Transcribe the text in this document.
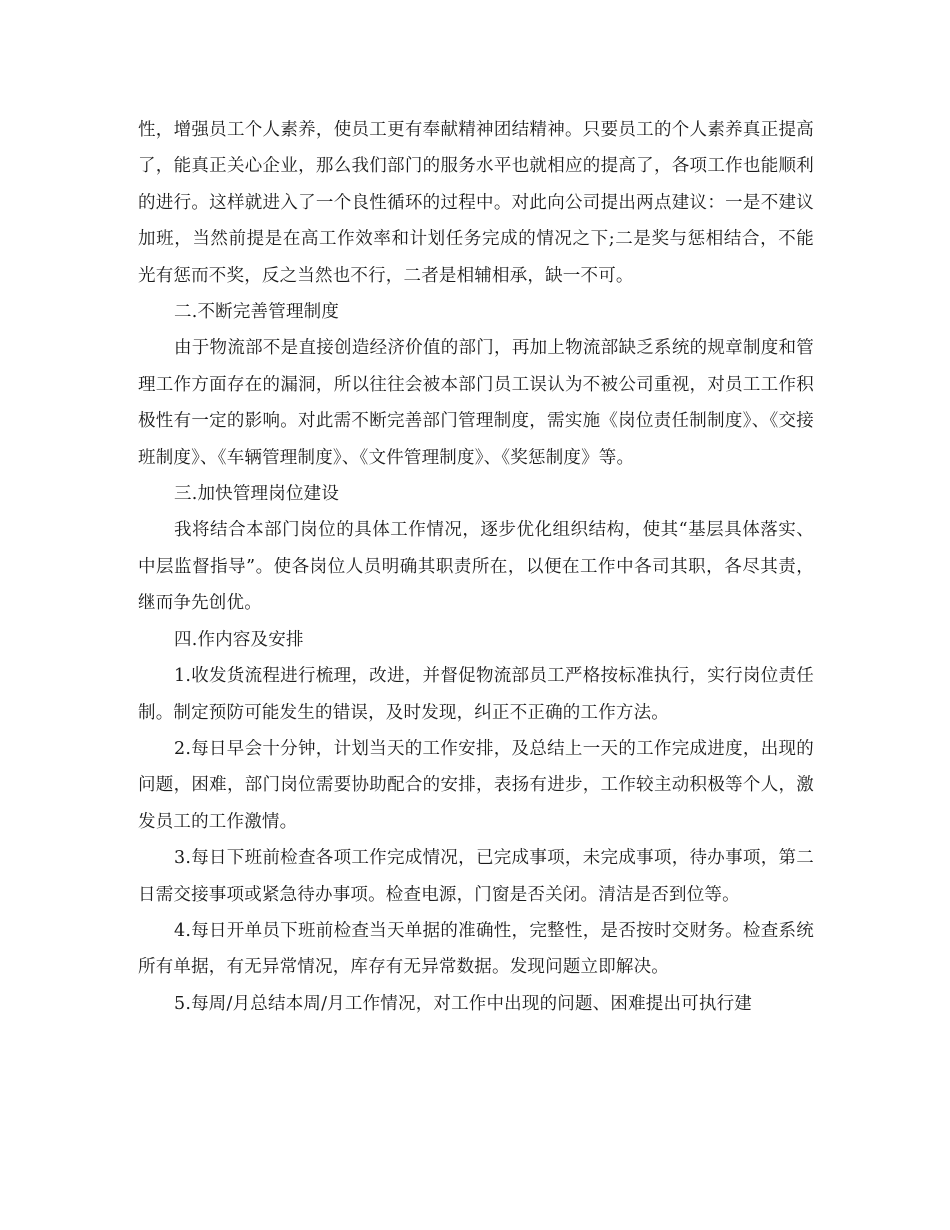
性，增强员工个人素养，使员工更有奉献精神团结精神。只要员工的个人素养真正提高了，能真正关心企业，那么我们部门的服务水平也就相应的提高了，各项工作也能顺利的进行。这样就进入了一个良性循环的过程中。对此向公司提出两点建议：一是不建议加班，当然前提是在高工作效率和计划任务完成的情况之下;二是奖与惩相结合，不能光有惩而不奖，反之当然也不行，二者是相辅相承，缺一不可。

二.不断完善管理制度

由于物流部不是直接创造经济价值的部门，再加上物流部缺乏系统的规章制度和管理工作方面存在的漏洞，所以往往会被本部门员工误认为不被公司重视，对员工工作积极性有一定的影响。对此需不断完善部门管理制度，需实施《岗位责任制制度》、《交接班制度》、《车辆管理制度》、《文件管理制度》、《奖惩制度》等。

三.加快管理岗位建设

我将结合本部门岗位的具体工作情况，逐步优化组织结构，使其“基层具体落实、中层监督指导”。使各岗位人员明确其职责所在，以便在工作中各司其职，各尽其责，继而争先创优。

四.作内容及安排

1.收发货流程进行梳理，改进，并督促物流部员工严格按标准执行，实行岗位责任制。制定预防可能发生的错误，及时发现，纠正不正确的工作方法。

2.每日早会十分钟，计划当天的工作安排，及总结上一天的工作完成进度，出现的问题，困难，部门岗位需要协助配合的安排，表扬有进步，工作较主动积极等个人，激发员工的工作激情。

3.每日下班前检查各项工作完成情况，已完成事项，未完成事项，待办事项，第二日需交接事项或紧急待办事项。检查电源，门窗是否关闭。清洁是否到位等。

4.每日开单员下班前检查当天单据的准确性，完整性，是否按时交财务。检查系统所有单据，有无异常情况，库存有无异常数据。发现问题立即解决。

5.每周/月总结本周/月工作情况，对工作中出现的问题、困难提出可执行建
